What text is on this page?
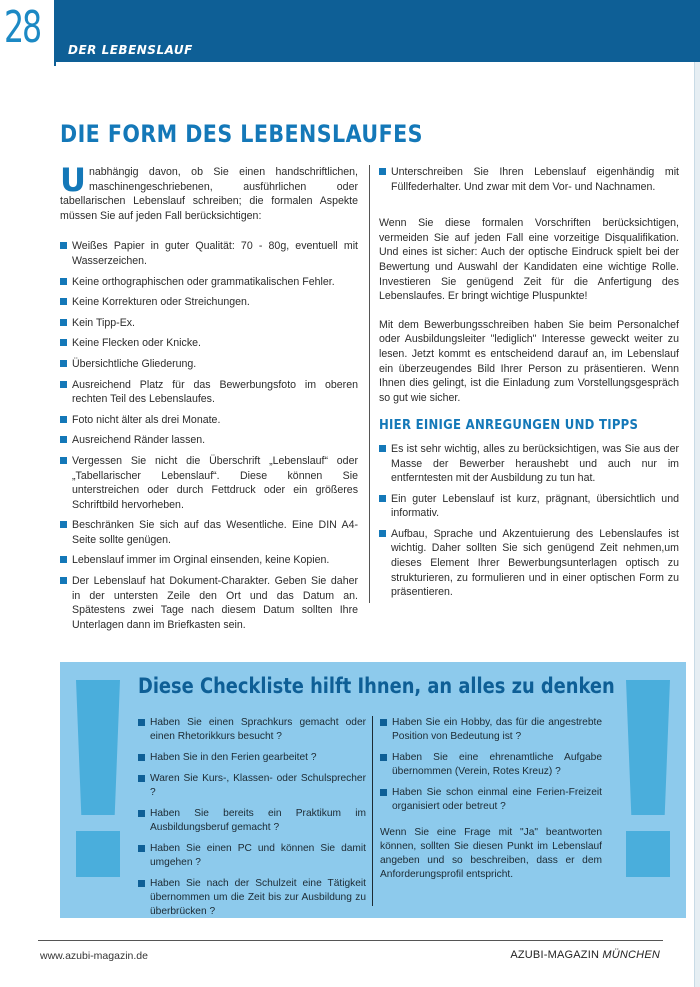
28 DER LEBENSLAUF
DIE FORM DES LEBENSLAUFES

Unabhängig davon, ob Sie einen handschriftlichen, maschinengeschriebenen, ausführlichen oder tabellarischen Lebenslauf schreiben; die formalen Aspekte müssen Sie auf jeden Fall berücksichtigen:

Weißes Papier in guter Qualität: 70 - 80g, eventuell mit Wasserzeichen.
Keine orthographischen oder grammatikalischen Fehler.
Keine Korrekturen oder Streichungen.
Kein Tipp-Ex.
Keine Flecken oder Knicke.
Übersichtliche Gliederung.
Ausreichend Platz für das Bewerbungsfoto im oberen rechten Teil des Lebenslaufes.
Foto nicht älter als drei Monate.
Ausreichend Ränder lassen.
Vergessen Sie nicht die Überschrift „Lebenslauf“ oder „Tabellarischer Lebenslauf“. Diese können Sie unterstreichen oder durch Fettdruck oder ein größeres Schriftbild hervorheben.
Beschränken Sie sich auf das Wesentliche. Eine DIN A4-Seite sollte genügen.
Lebenslauf immer im Orginal einsenden, keine Kopien.
Der Lebenslauf hat Dokument-Charakter. Geben Sie daher in der untersten Zeile den Ort und das Datum an. Spätestens zwei Tage nach diesem Datum sollten Ihre Unterlagen dann im Briefkasten sein.
Unterschreiben Sie Ihren Lebenslauf eigenhändig mit Füllfederhalter. Und zwar mit dem Vor- und Nachnamen.

Wenn Sie diese formalen Vorschriften berücksichtigen, vermeiden Sie auf jeden Fall eine vorzeitige Disqualifikation. Und eines ist sicher: Auch der optische Eindruck spielt bei der Bewertung und Auswahl der Kandidaten eine wichtige Rolle. Investieren Sie genügend Zeit für die Anfertigung des Lebenslaufes. Er bringt wichtige Pluspunkte!

Mit dem Bewerbungsschreiben haben Sie beim Personalchef oder Ausbildungsleiter "lediglich" Interesse geweckt weiter zu lesen. Jetzt kommt es entscheidend darauf an, im Lebenslauf ein überzeugendes Bild Ihrer Person zu präsentieren. Wenn Ihnen dies gelingt, ist die Einladung zum Vorstellungsgespräch so gut wie sicher.

HIER EINIGE ANREGUNGEN UND TIPPS
Es ist sehr wichtig, alles zu berücksichtigen, was Sie aus der Masse der Bewerber heraushebt und auch nur im entferntesten mit der Ausbildung zu tun hat.
Ein guter Lebenslauf ist kurz, prägnant, übersichtlich und informativ.
Aufbau, Sprache und Akzentuierung des Lebenslaufes ist wichtig. Daher sollten Sie sich genügend Zeit nehmen,um dieses Element Ihrer Bewerbungsunterlagen optisch zu strukturieren, zu formulieren und in einer optischen Form zu präsentieren.
Diese Checkliste hilft Ihnen, an alles zu denken
Haben Sie einen Sprachkurs gemacht oder einen Rhetorikkurs besucht ?
Haben Sie in den Ferien gearbeitet ?
Waren Sie Kurs-, Klassen- oder Schulsprecher ?
Haben Sie bereits ein Praktikum im Ausbildungsberuf gemacht ?
Haben Sie einen PC und können Sie damit umgehen ?
Haben Sie nach der Schulzeit eine Tätigkeit übernommen um die Zeit bis zur Ausbildung zu überbrücken ?
Haben Sie ein Hobby, das für die angestrebte Position von Bedeutung ist ?
Haben Sie eine ehrenamtliche Aufgabe übernommen (Verein, Rotes Kreuz) ?
Haben Sie schon einmal eine Ferien-Freizeit organisiert oder betreut ?

Wenn Sie eine Frage mit "Ja" beantworten können, sollten Sie diesen Punkt im Lebenslauf angeben und so beschreiben, dass er dem Anforderungsprofil entspricht.

www.azubi-magazin.de	AZUBI-MAGAZIN MÜNCHEN
